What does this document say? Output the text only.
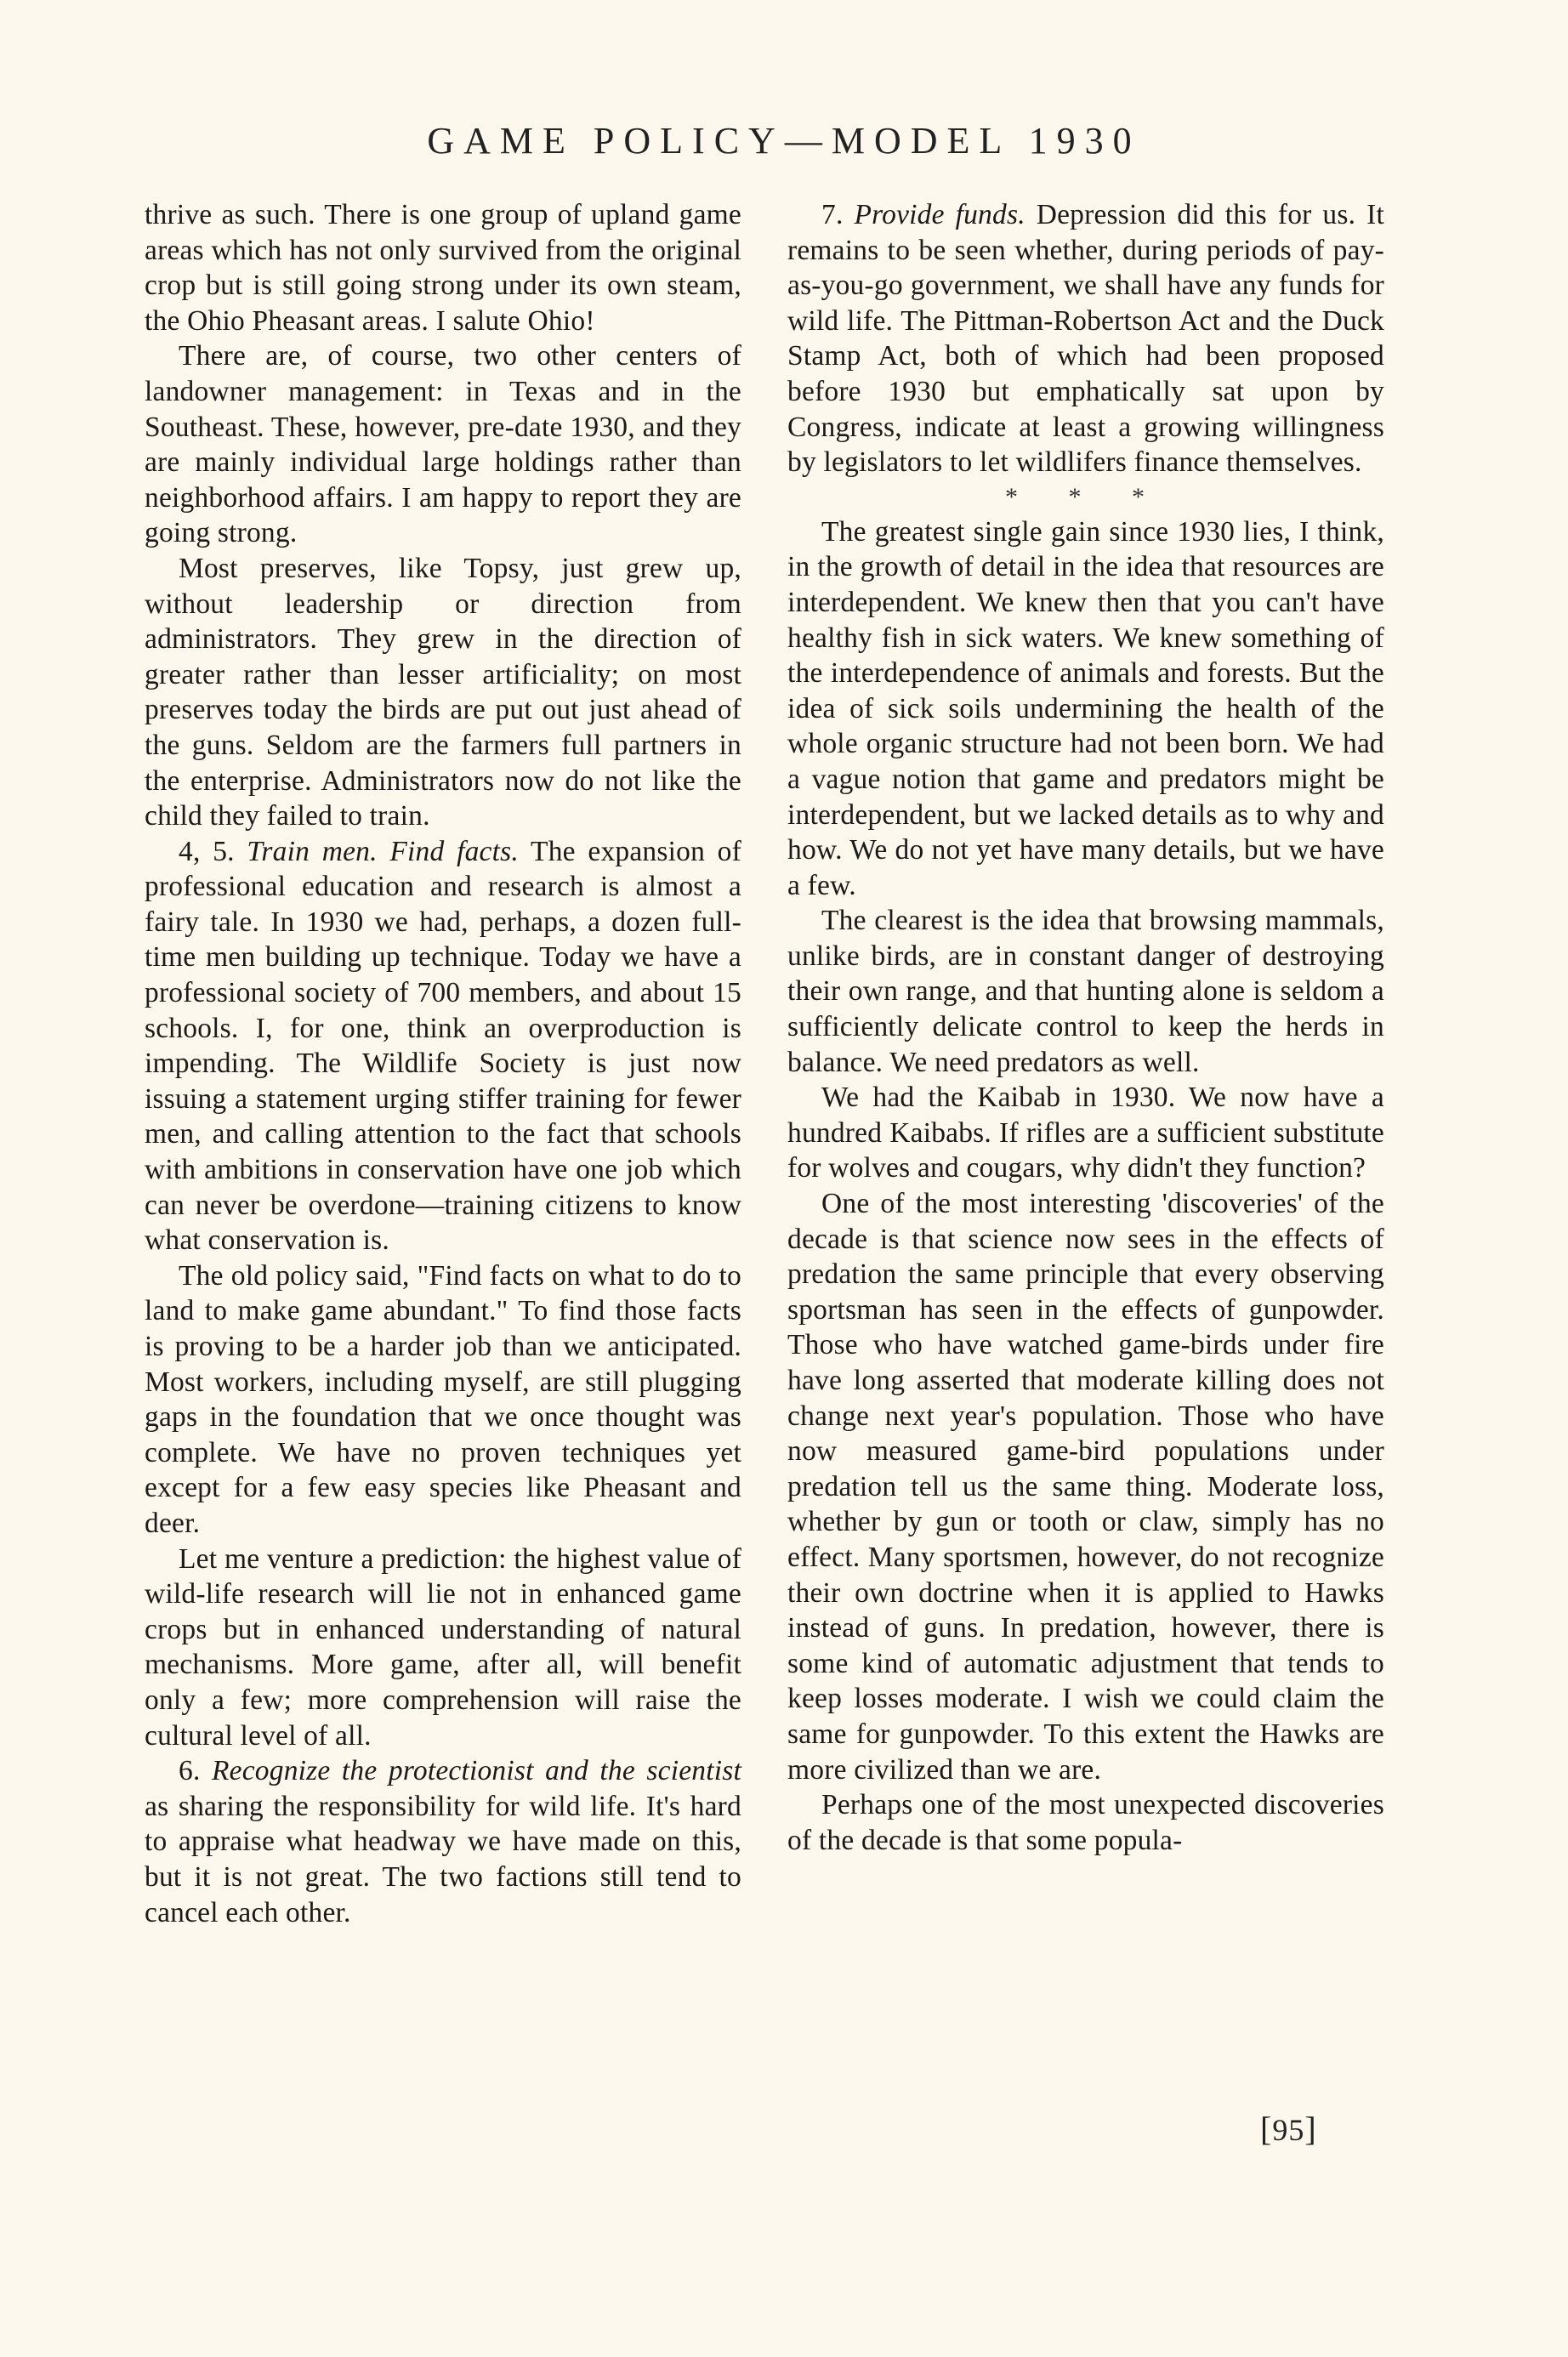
GAME POLICY—MODEL 1930

thrive as such. There is one group of upland game areas which has not only survived from the original crop but is still going strong under its own steam, the Ohio Pheasant areas. I salute Ohio!

There are, of course, two other centers of landowner management: in Texas and in the Southeast. These, however, pre-date 1930, and they are mainly individual large holdings rather than neighborhood affairs. I am happy to report they are going strong.

Most preserves, like Topsy, just grew up, without leadership or direction from administrators. They grew in the direction of greater rather than lesser artificiality; on most preserves today the birds are put out just ahead of the guns. Seldom are the farmers full partners in the enterprise. Administrators now do not like the child they failed to train.

4, 5. Train men. Find facts. The expansion of professional education and research is almost a fairy tale. In 1930 we had, perhaps, a dozen full-time men building up technique. Today we have a professional society of 700 members, and about 15 schools. I, for one, think an overproduction is impending. The Wildlife Society is just now issuing a statement urging stiffer training for fewer men, and calling attention to the fact that schools with ambitions in conservation have one job which can never be overdone—training citizens to know what conservation is.

The old policy said, "Find facts on what to do to land to make game abundant." To find those facts is proving to be a harder job than we anticipated. Most workers, including myself, are still plugging gaps in the foundation that we once thought was complete. We have no proven techniques yet except for a few easy species like Pheasant and deer.

Let me venture a prediction: the highest value of wild-life research will lie not in enhanced game crops but in enhanced understanding of natural mechanisms. More game, after all, will benefit only a few; more comprehension will raise the cultural level of all.

6. Recognize the protectionist and the scientist as sharing the responsibility for wild life. It's hard to appraise what headway we have made on this, but it is not great. The two factions still tend to cancel each other.

7. Provide funds. Depression did this for us. It remains to be seen whether, during periods of pay-as-you-go government, we shall have any funds for wild life. The Pittman-Robertson Act and the Duck Stamp Act, both of which had been proposed before 1930 but emphatically sat upon by Congress, indicate at least a growing willingness by legislators to let wildlifers finance themselves.

* * *

The greatest single gain since 1930 lies, I think, in the growth of detail in the idea that resources are interdependent. We knew then that you can't have healthy fish in sick waters. We knew something of the interdependence of animals and forests. But the idea of sick soils undermining the health of the whole organic structure had not been born. We had a vague notion that game and predators might be interdependent, but we lacked details as to why and how. We do not yet have many details, but we have a few.

The clearest is the idea that browsing mammals, unlike birds, are in constant danger of destroying their own range, and that hunting alone is seldom a sufficiently delicate control to keep the herds in balance. We need predators as well.

We had the Kaibab in 1930. We now have a hundred Kaibabs. If rifles are a sufficient substitute for wolves and cougars, why didn't they function?

One of the most interesting 'discoveries' of the decade is that science now sees in the effects of predation the same principle that every observing sportsman has seen in the effects of gunpowder. Those who have watched game-birds under fire have long asserted that moderate killing does not change next year's population. Those who have now measured game-bird populations under predation tell us the same thing. Moderate loss, whether by gun or tooth or claw, simply has no effect. Many sportsmen, however, do not recognize their own doctrine when it is applied to Hawks instead of guns. In predation, however, there is some kind of automatic adjustment that tends to keep losses moderate. I wish we could claim the same for gunpowder. To this extent the Hawks are more civilized than we are.

Perhaps one of the most unexpected discoveries of the decade is that some popula-

[95]
